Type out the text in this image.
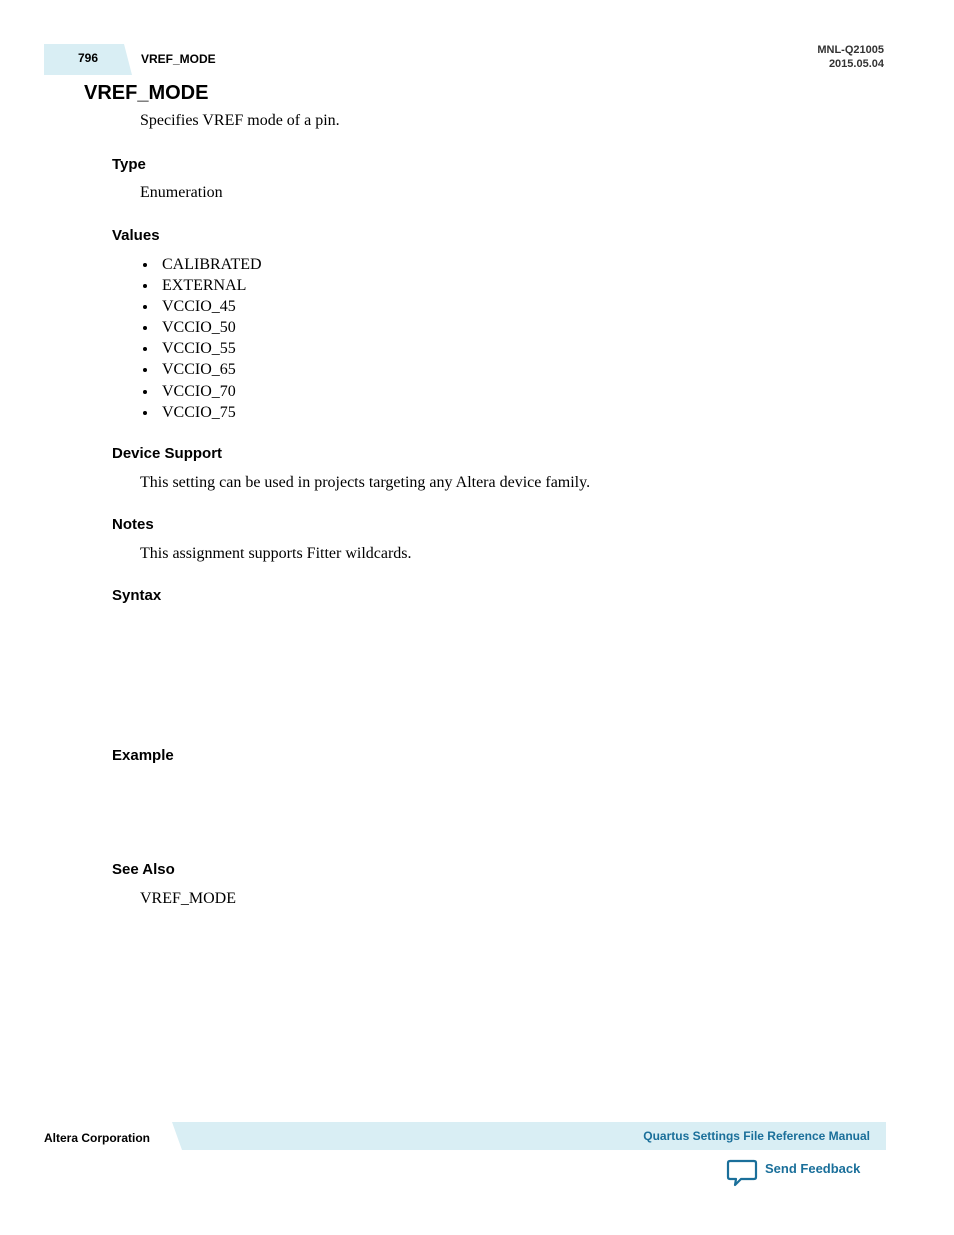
796	VREF_MODE
MNL-Q21005
2015.05.04
VREF_MODE

Specifies VREF mode of a pin.

Type

Enumeration

Values
CALIBRATED
EXTERNAL
VCCIO_45
VCCIO_50
VCCIO_55
VCCIO_65
VCCIO_70
VCCIO_75
Device Support

This setting can be used in projects targeting any Altera device family.

Notes

This assignment supports Fitter wildcards.

Syntax
Example
See Also

VREF_MODE

Altera Corporation	Quartus Settings File Reference Manual
Send Feedback
